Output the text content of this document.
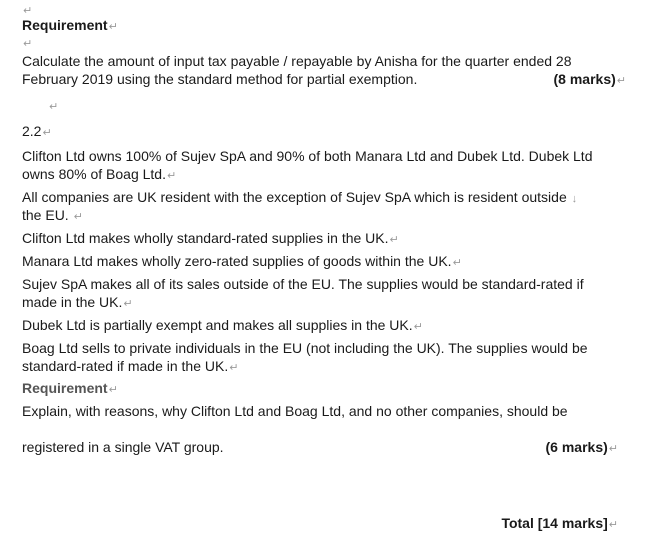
↵
Requirement↵
↵
Calculate the amount of input tax payable / repayable by Anisha for the quarter ended 28
February 2019 using the standard method for partial exemption.	(8 marks)↵
↵
2.2↵
Clifton Ltd owns 100% of Sujev SpA and 90% of both Manara Ltd and Dubek Ltd. Dubek Ltd
owns 80% of Boag Ltd.↵
All companies are UK resident with the exception of Sujev SpA which is resident outside ↓
the EU. ↵
Clifton Ltd makes wholly standard-rated supplies in the UK.↵
Manara Ltd makes wholly zero-rated supplies of goods within the UK.↵
Sujev SpA makes all of its sales outside of the EU. The supplies would be standard-rated if
made in the UK.↵
Dubek Ltd is partially exempt and makes all supplies in the UK.↵
Boag Ltd sells to private individuals in the EU (not including the UK). The supplies would be
standard-rated if made in the UK.↵
Requirement↵
Explain, with reasons, why Clifton Ltd and Boag Ltd, and no other companies, should be
registered in a single VAT group.	(6 marks)↵
Total [14 marks]↵
